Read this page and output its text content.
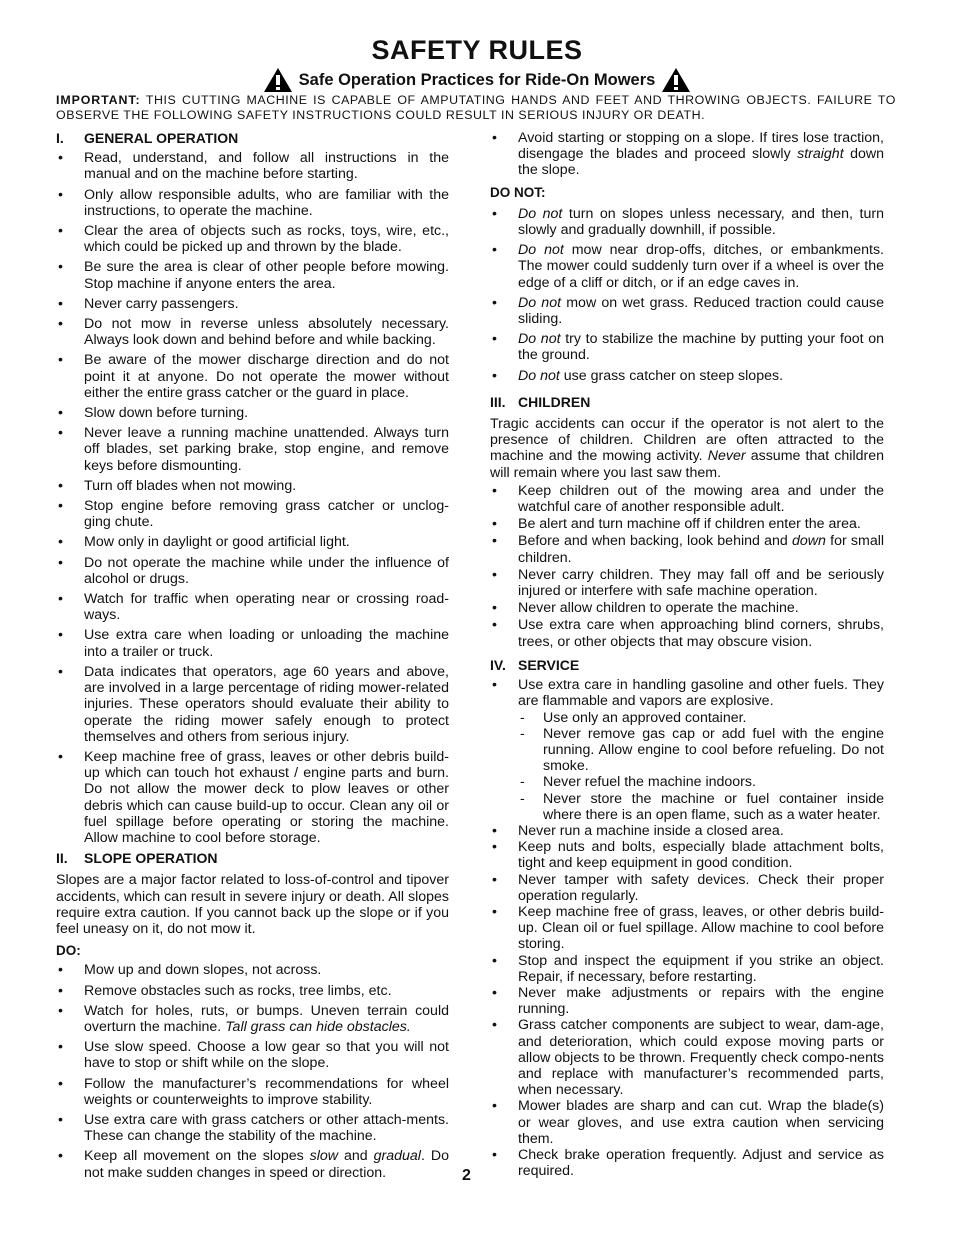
SAFETY RULES
Safe Operation Practices for Ride-On Mowers
IMPORTANT: THIS CUTTING MACHINE IS CAPABLE OF AMPUTATING HANDS AND FEET AND THROWING OBJECTS. FAILURE TO OBSERVE THE FOLLOWING SAFETY INSTRUCTIONS COULD RESULT IN SERIOUS INJURY OR DEATH.
I.	GENERAL OPERATION
• Read, understand, and follow all instructions in the manual and on the machine before starting.
• Only allow responsible adults, who are familiar with the instructions, to operate the machine.
• Clear the area of objects such as rocks, toys, wire, etc., which could be picked up and thrown by the blade.
• Be sure the area is clear of other people before mowing. Stop machine if anyone enters the area.
• Never carry passengers.
• Do not mow in reverse unless absolutely necessary. Always look down and behind before and while backing.
• Be aware of the mower discharge direction and do not point it at anyone. Do not operate the mower without either the entire grass catcher or the guard in place.
• Slow down before turning.
• Never leave a running machine unattended. Always turn off blades, set parking brake, stop engine, and remove keys before dismounting.
• Turn off blades when not mowing.
• Stop engine before removing grass catcher or unclog-ging chute.
• Mow only in daylight or good artificial light.
• Do not operate the machine while under the influence of alcohol or drugs.
• Watch for traffic when operating near or crossing road-ways.
• Use extra care when loading or unloading the machine into a trailer or truck.
• Data indicates that operators, age 60 years and above, are involved in a large percentage of riding mower-related injuries. These operators should evaluate their ability to operate the riding mower safely enough to protect themselves and others from serious injury.
• Keep machine free of grass, leaves or other debris build-up which can touch hot exhaust / engine parts and burn. Do not allow the mower deck to plow leaves or other debris which can cause build-up to occur. Clean any oil or fuel spillage before operating or storing the machine. Allow machine to cool before storage.
II.	SLOPE OPERATION
Slopes are a major factor related to loss-of-control and tipover accidents, which can result in severe injury or death. All slopes require extra caution. If you cannot back up the slope or if you feel uneasy on it, do not mow it.
DO:
• Mow up and down slopes, not across.
• Remove obstacles such as rocks, tree limbs, etc.
• Watch for holes, ruts, or bumps. Uneven terrain could overturn the machine. Tall grass can hide obstacles.
• Use slow speed. Choose a low gear so that you will not have to stop or shift while on the slope.
• Follow the manufacturer’s recommendations for wheel weights or counterweights to improve stability.
• Use extra care with grass catchers or other attach-ments. These can change the stability of the machine.
• Keep all movement on the slopes slow and gradual. Do not make sudden changes in speed or direction.
• Avoid starting or stopping on a slope. If tires lose traction, disengage the blades and proceed slowly straight down the slope.
DO NOT:
• Do not turn on slopes unless necessary, and then, turn slowly and gradually downhill, if possible.
• Do not mow near drop-offs, ditches, or embankments. The mower could suddenly turn over if a wheel is over the edge of a cliff or ditch, or if an edge caves in.
• Do not mow on wet grass. Reduced traction could cause sliding.
• Do not try to stabilize the machine by putting your foot on the ground.
• Do not use grass catcher on steep slopes.
III. CHILDREN
Tragic accidents can occur if the operator is not alert to the presence of children. Children are often attracted to the machine and the mowing activity. Never assume that children will remain where you last saw them.
• Keep children out of the mowing area and under the watchful care of another responsible adult.
• Be alert and turn machine off if children enter the area.
• Before and when backing, look behind and down for small children.
• Never carry children. They may fall off and be seriously injured or interfere with safe machine operation.
• Never allow children to operate the machine.
• Use extra care when approaching blind corners, shrubs, trees, or other objects that may obscure vision.
IV. SERVICE
• Use extra care in handling gasoline and other fuels. They are flammable and vapors are explosive.
- Use only an approved container.
- Never remove gas cap or add fuel with the engine running. Allow engine to cool before refueling. Do not smoke.
- Never refuel the machine indoors.
- Never store the machine or fuel container inside where there is an open flame, such as a water heater.
• Never run a machine inside a closed area.
• Keep nuts and bolts, especially blade attachment bolts, tight and keep equipment in good condition.
• Never tamper with safety devices. Check their proper operation regularly.
• Keep machine free of grass, leaves, or other debris build-up. Clean oil or fuel spillage. Allow machine to cool before storing.
• Stop and inspect the equipment if you strike an object. Repair, if necessary, before restarting.
• Never make adjustments or repairs with the engine running.
• Grass catcher components are subject to wear, dam-age, and deterioration, which could expose moving parts or allow objects to be thrown. Frequently check compo-nents and replace with manufacturer’s recommended parts, when necessary.
• Mower blades are sharp and can cut. Wrap the blade(s) or wear gloves, and use extra caution when servicing them.
• Check brake operation frequently. Adjust and service as required.
2
